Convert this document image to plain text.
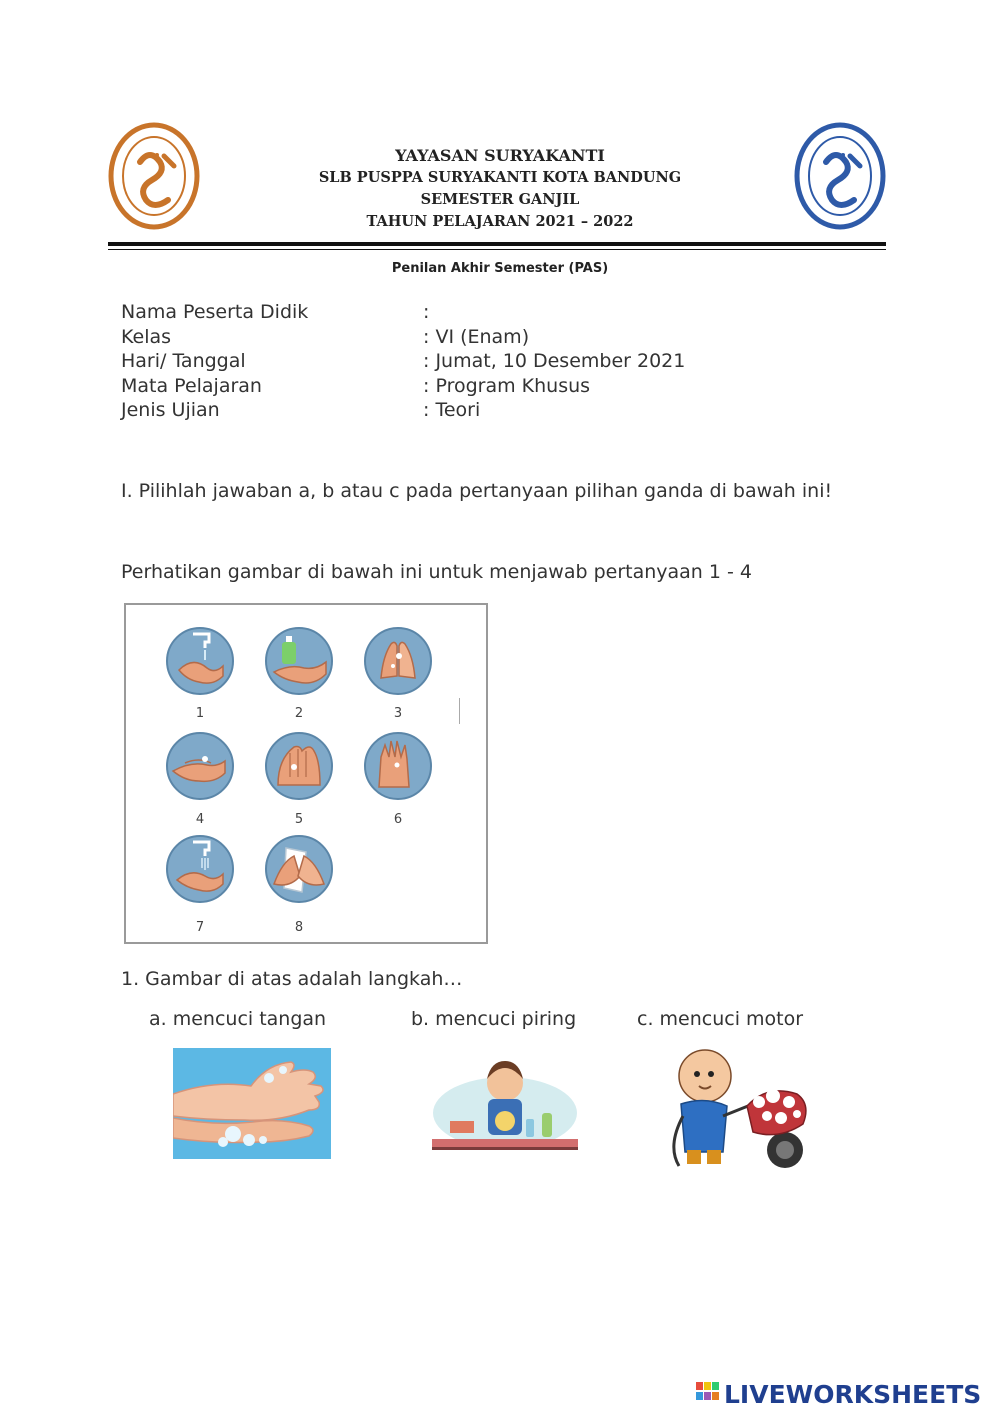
YAYASAN SURYAKANTI
SLB PUSPPA SURYAKANTI KOTA BANDUNG
SEMESTER GANJIL
TAHUN PELAJARAN 2021 – 2022
Penilan Akhir Semester (PAS)
Nama Peserta Didik	:
Kelas	: VI (Enam)
Hari/ Tanggal	: Jumat, 10 Desember 2021
Mata Pelajaran	: Program Khusus
Jenis Ujian	: Teori
I. Pilihlah jawaban a, b atau c pada pertanyaan pilihan ganda di bawah ini!
Perhatikan gambar di bawah ini untuk menjawab pertanyaan 1 - 4
1	2	3
4	5	6
7	8
1. Gambar di atas adalah langkah…
a. mencuci tangan	b. mencuci piring	c. mencuci motor
LIVEWORKSHEETS
